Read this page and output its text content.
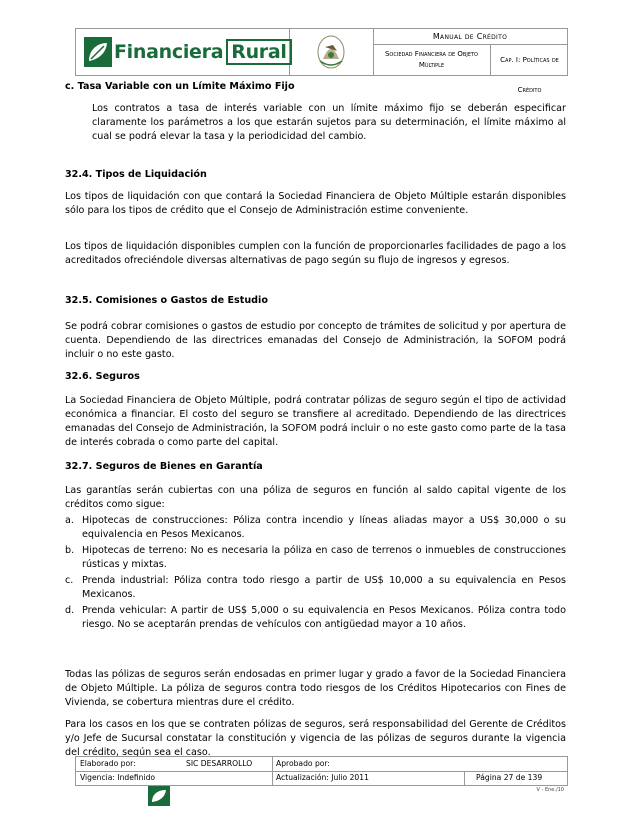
Financiera Rural
Manual de Crédito
Sociedad Financiera de Objeto Múltiple
Cap. I: Políticas de Crédito
c. Tasa Variable con un Límite Máximo Fijo
Los contratos a tasa de interés variable con un límite máximo fijo se deberán especificar claramente los parámetros a los que estarán sujetos para su determinación, el límite máximo al cual se podrá elevar la tasa y la periodicidad del cambio.
32.4. Tipos de Liquidación
Los tipos de liquidación con que contará la Sociedad Financiera de Objeto Múltiple estarán disponibles sólo para los tipos de crédito que el Consejo de Administración estime conveniente.
Los tipos de liquidación disponibles cumplen con la función de proporcionarles facilidades de pago a los acreditados ofreciéndole diversas alternativas de pago según su flujo de ingresos y egresos.
32.5. Comisiones o Gastos de Estudio
Se podrá cobrar comisiones o gastos de estudio por concepto de trámites de solicitud y por apertura de cuenta. Dependiendo de las directrices emanadas del Consejo de Administración, la SOFOM podrá incluir o no este gasto.
32.6. Seguros
La Sociedad Financiera de Objeto Múltiple, podrá contratar pólizas de seguro según el tipo de actividad económica a financiar. El costo del seguro se transfiere al acreditado. Dependiendo de las directrices emanadas del Consejo de Administración, la SOFOM podrá incluir o no este gasto como parte de la tasa de interés cobrada o como parte del capital.
32.7. Seguros de Bienes en Garantía
Las garantías serán cubiertas con una póliza de seguros en función al saldo capital vigente de los créditos como sigue:
a. Hipotecas de construcciones: Póliza contra incendio y líneas aliadas mayor a US$ 30,000 o su equivalencia en Pesos Mexicanos.
b. Hipotecas de terreno: No es necesaria la póliza en caso de terrenos o inmuebles de construcciones rústicas y mixtas.
c. Prenda industrial: Póliza contra todo riesgo a partir de US$ 10,000 a su equivalencia en Pesos Mexicanos.
d. Prenda vehicular: A partir de US$ 5,000 o su equivalencia en Pesos Mexicanos. Póliza contra todo riesgo. No se aceptarán prendas de vehículos con antigüedad mayor a 10 años.
Todas las pólizas de seguros serán endosadas en primer lugar y grado a favor de la Sociedad Financiera de Objeto Múltiple. La póliza de seguros contra todo riesgos de los Créditos Hipotecarios con Fines de Vivienda, se cobertura mientras dure el crédito.
Para los casos en los que se contraten pólizas de seguros, será responsabilidad del Gerente de Créditos y/o Jefe de Sucursal constatar la constitución y vigencia de las pólizas de seguros durante la vigencia del crédito, según sea el caso.
Elaborado por:	SIC DESARROLLO	Aprobado por:
Vigencia: Indefinido	Actualización: Julio 2011	Página 27 de 139
V - Ene./10
